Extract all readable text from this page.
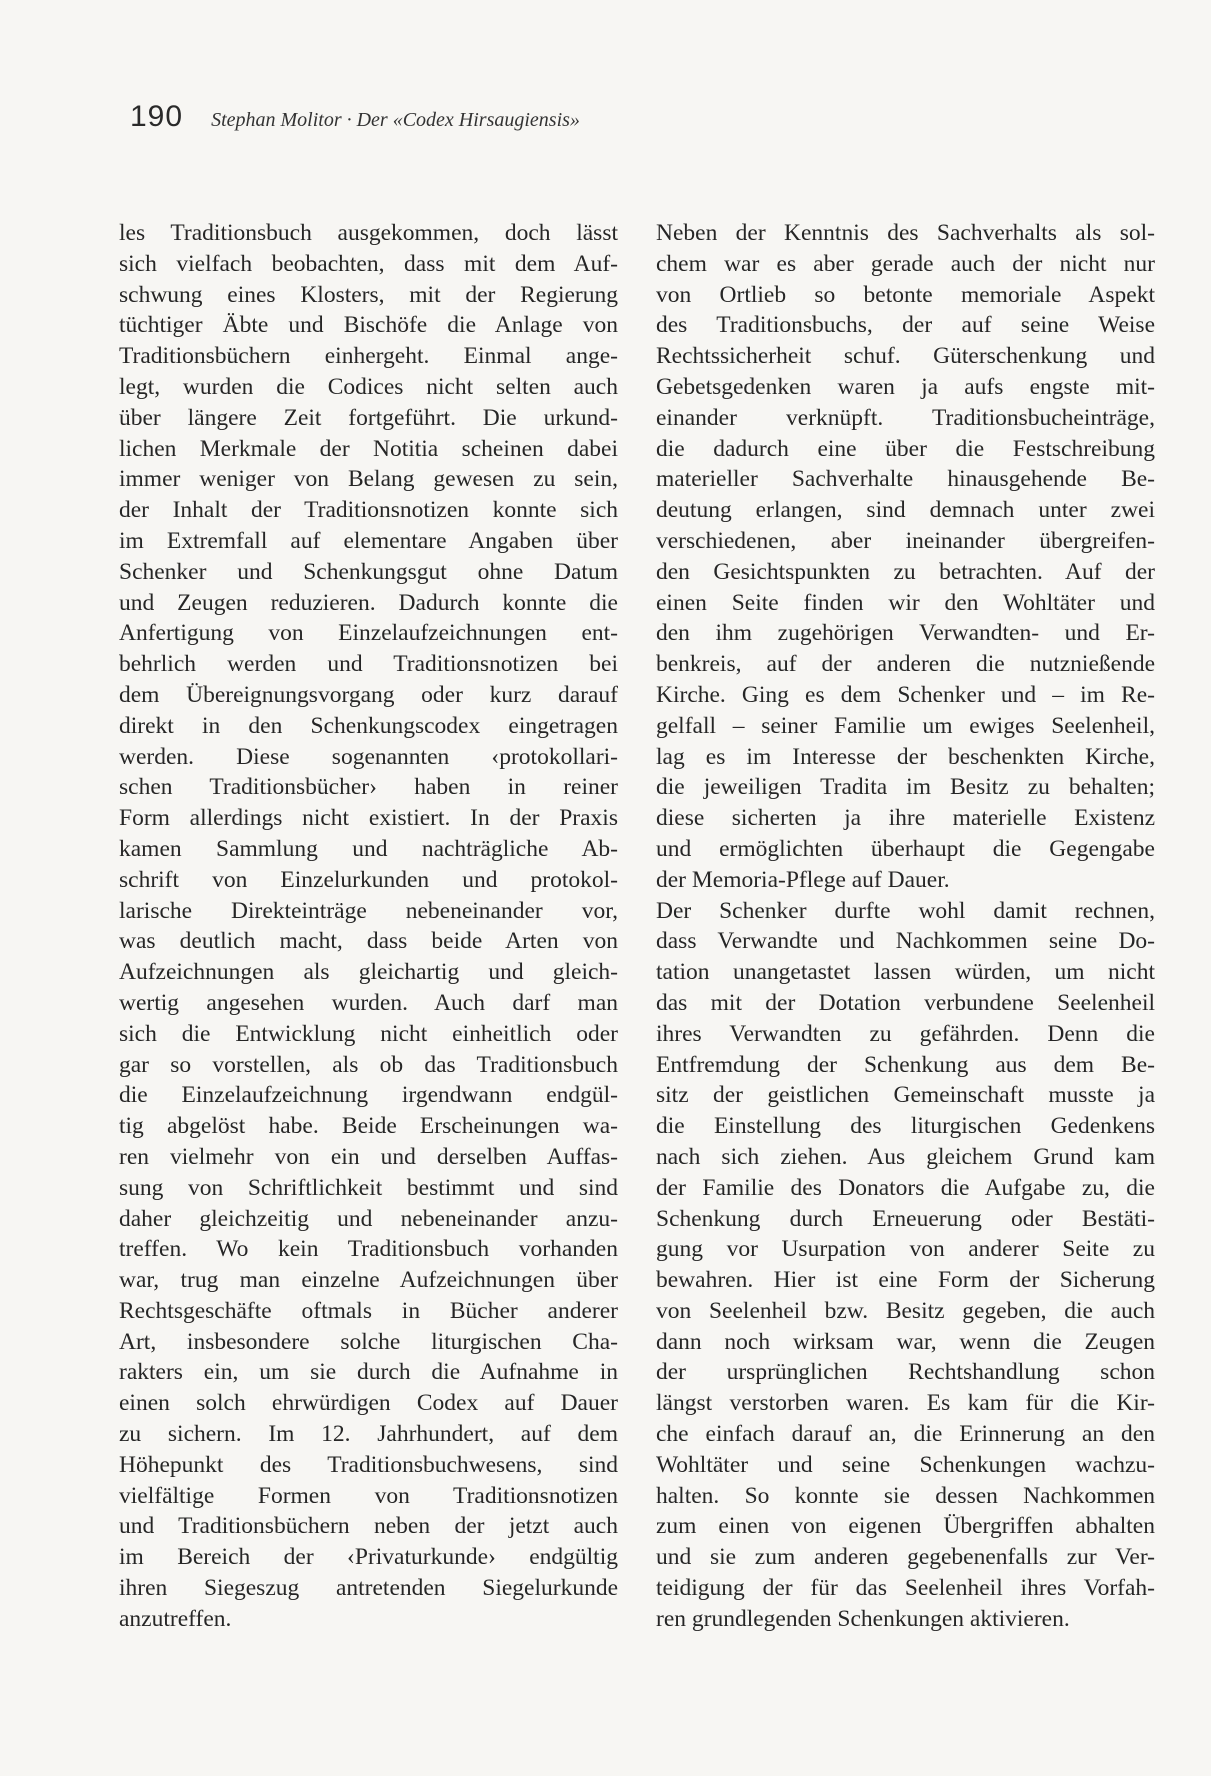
190 Stephan Molitor · Der «Codex Hirsaugiensis»
les Traditionsbuch ausgekommen, doch lässt
sich vielfach beobachten, dass mit dem Auf-
schwung eines Klosters, mit der Regierung
tüchtiger Äbte und Bischöfe die Anlage von
Traditionsbüchern einhergeht. Einmal ange-
legt, wurden die Codices nicht selten auch
über längere Zeit fortgeführt. Die urkund-
lichen Merkmale der Notitia scheinen dabei
immer weniger von Belang gewesen zu sein,
der Inhalt der Traditionsnotizen konnte sich
im Extremfall auf elementare Angaben über
Schenker und Schenkungsgut ohne Datum
und Zeugen reduzieren. Dadurch konnte die
Anfertigung von Einzelaufzeichnungen ent-
behrlich werden und Traditionsnotizen bei
dem Übereignungsvorgang oder kurz darauf
direkt in den Schenkungscodex eingetragen
werden. Diese sogenannten ‹protokollari-
schen Traditionsbücher› haben in reiner
Form allerdings nicht existiert. In der Praxis
kamen Sammlung und nachträgliche Ab-
schrift von Einzelurkunden und protokol-
larische Direkteinträge nebeneinander vor,
was deutlich macht, dass beide Arten von
Aufzeichnungen als gleichartig und gleich-
wertig angesehen wurden. Auch darf man
sich die Entwicklung nicht einheitlich oder
gar so vorstellen, als ob das Traditionsbuch
die Einzelaufzeichnung irgendwann endgül-
tig abgelöst habe. Beide Erscheinungen wa-
ren vielmehr von ein und derselben Auffas-
sung von Schriftlichkeit bestimmt und sind
daher gleichzeitig und nebeneinander anzu-
treffen. Wo kein Traditionsbuch vorhanden
war, trug man einzelne Aufzeichnungen über
Rechtsgeschäfte oftmals in Bücher anderer
Art, insbesondere solche liturgischen Cha-
rakters ein, um sie durch die Aufnahme in
einen solch ehrwürdigen Codex auf Dauer
zu sichern. Im 12. Jahrhundert, auf dem
Höhepunkt des Traditionsbuchwesens, sind
vielfältige Formen von Traditionsnotizen
und Traditionsbüchern neben der jetzt auch
im Bereich der ‹Privaturkunde› endgültig
ihren Siegeszug antretenden Siegelurkunde
anzutreffen.
Neben der Kenntnis des Sachverhalts als sol-
chem war es aber gerade auch der nicht nur
von Ortlieb so betonte memoriale Aspekt
des Traditionsbuchs, der auf seine Weise
Rechtssicherheit schuf. Güterschenkung und
Gebetsgedenken waren ja aufs engste mit-
einander verknüpft. Traditionsbucheinträge,
die dadurch eine über die Festschreibung
materieller Sachverhalte hinausgehende Be-
deutung erlangen, sind demnach unter zwei
verschiedenen, aber ineinander übergreifen-
den Gesichtspunkten zu betrachten. Auf der
einen Seite finden wir den Wohltäter und
den ihm zugehörigen Verwandten- und Er-
benkreis, auf der anderen die nutznießende
Kirche. Ging es dem Schenker und – im Re-
gelfall – seiner Familie um ewiges Seelenheil,
lag es im Interesse der beschenkten Kirche,
die jeweiligen Tradita im Besitz zu behalten;
diese sicherten ja ihre materielle Existenz
und ermöglichten überhaupt die Gegengabe
der Memoria-Pflege auf Dauer.
Der Schenker durfte wohl damit rechnen,
dass Verwandte und Nachkommen seine Do-
tation unangetastet lassen würden, um nicht
das mit der Dotation verbundene Seelenheil
ihres Verwandten zu gefährden. Denn die
Entfremdung der Schenkung aus dem Be-
sitz der geistlichen Gemeinschaft musste ja
die Einstellung des liturgischen Gedenkens
nach sich ziehen. Aus gleichem Grund kam
der Familie des Donators die Aufgabe zu, die
Schenkung durch Erneuerung oder Bestäti-
gung vor Usurpation von anderer Seite zu
bewahren. Hier ist eine Form der Sicherung
von Seelenheil bzw. Besitz gegeben, die auch
dann noch wirksam war, wenn die Zeugen
der ursprünglichen Rechtshandlung schon
längst verstorben waren. Es kam für die Kir-
che einfach darauf an, die Erinnerung an den
Wohltäter und seine Schenkungen wachzu-
halten. So konnte sie dessen Nachkommen
zum einen von eigenen Übergriffen abhalten
und sie zum anderen gegebenenfalls zur Ver-
teidigung der für das Seelenheil ihres Vorfah-
ren grundlegenden Schenkungen aktivieren.
